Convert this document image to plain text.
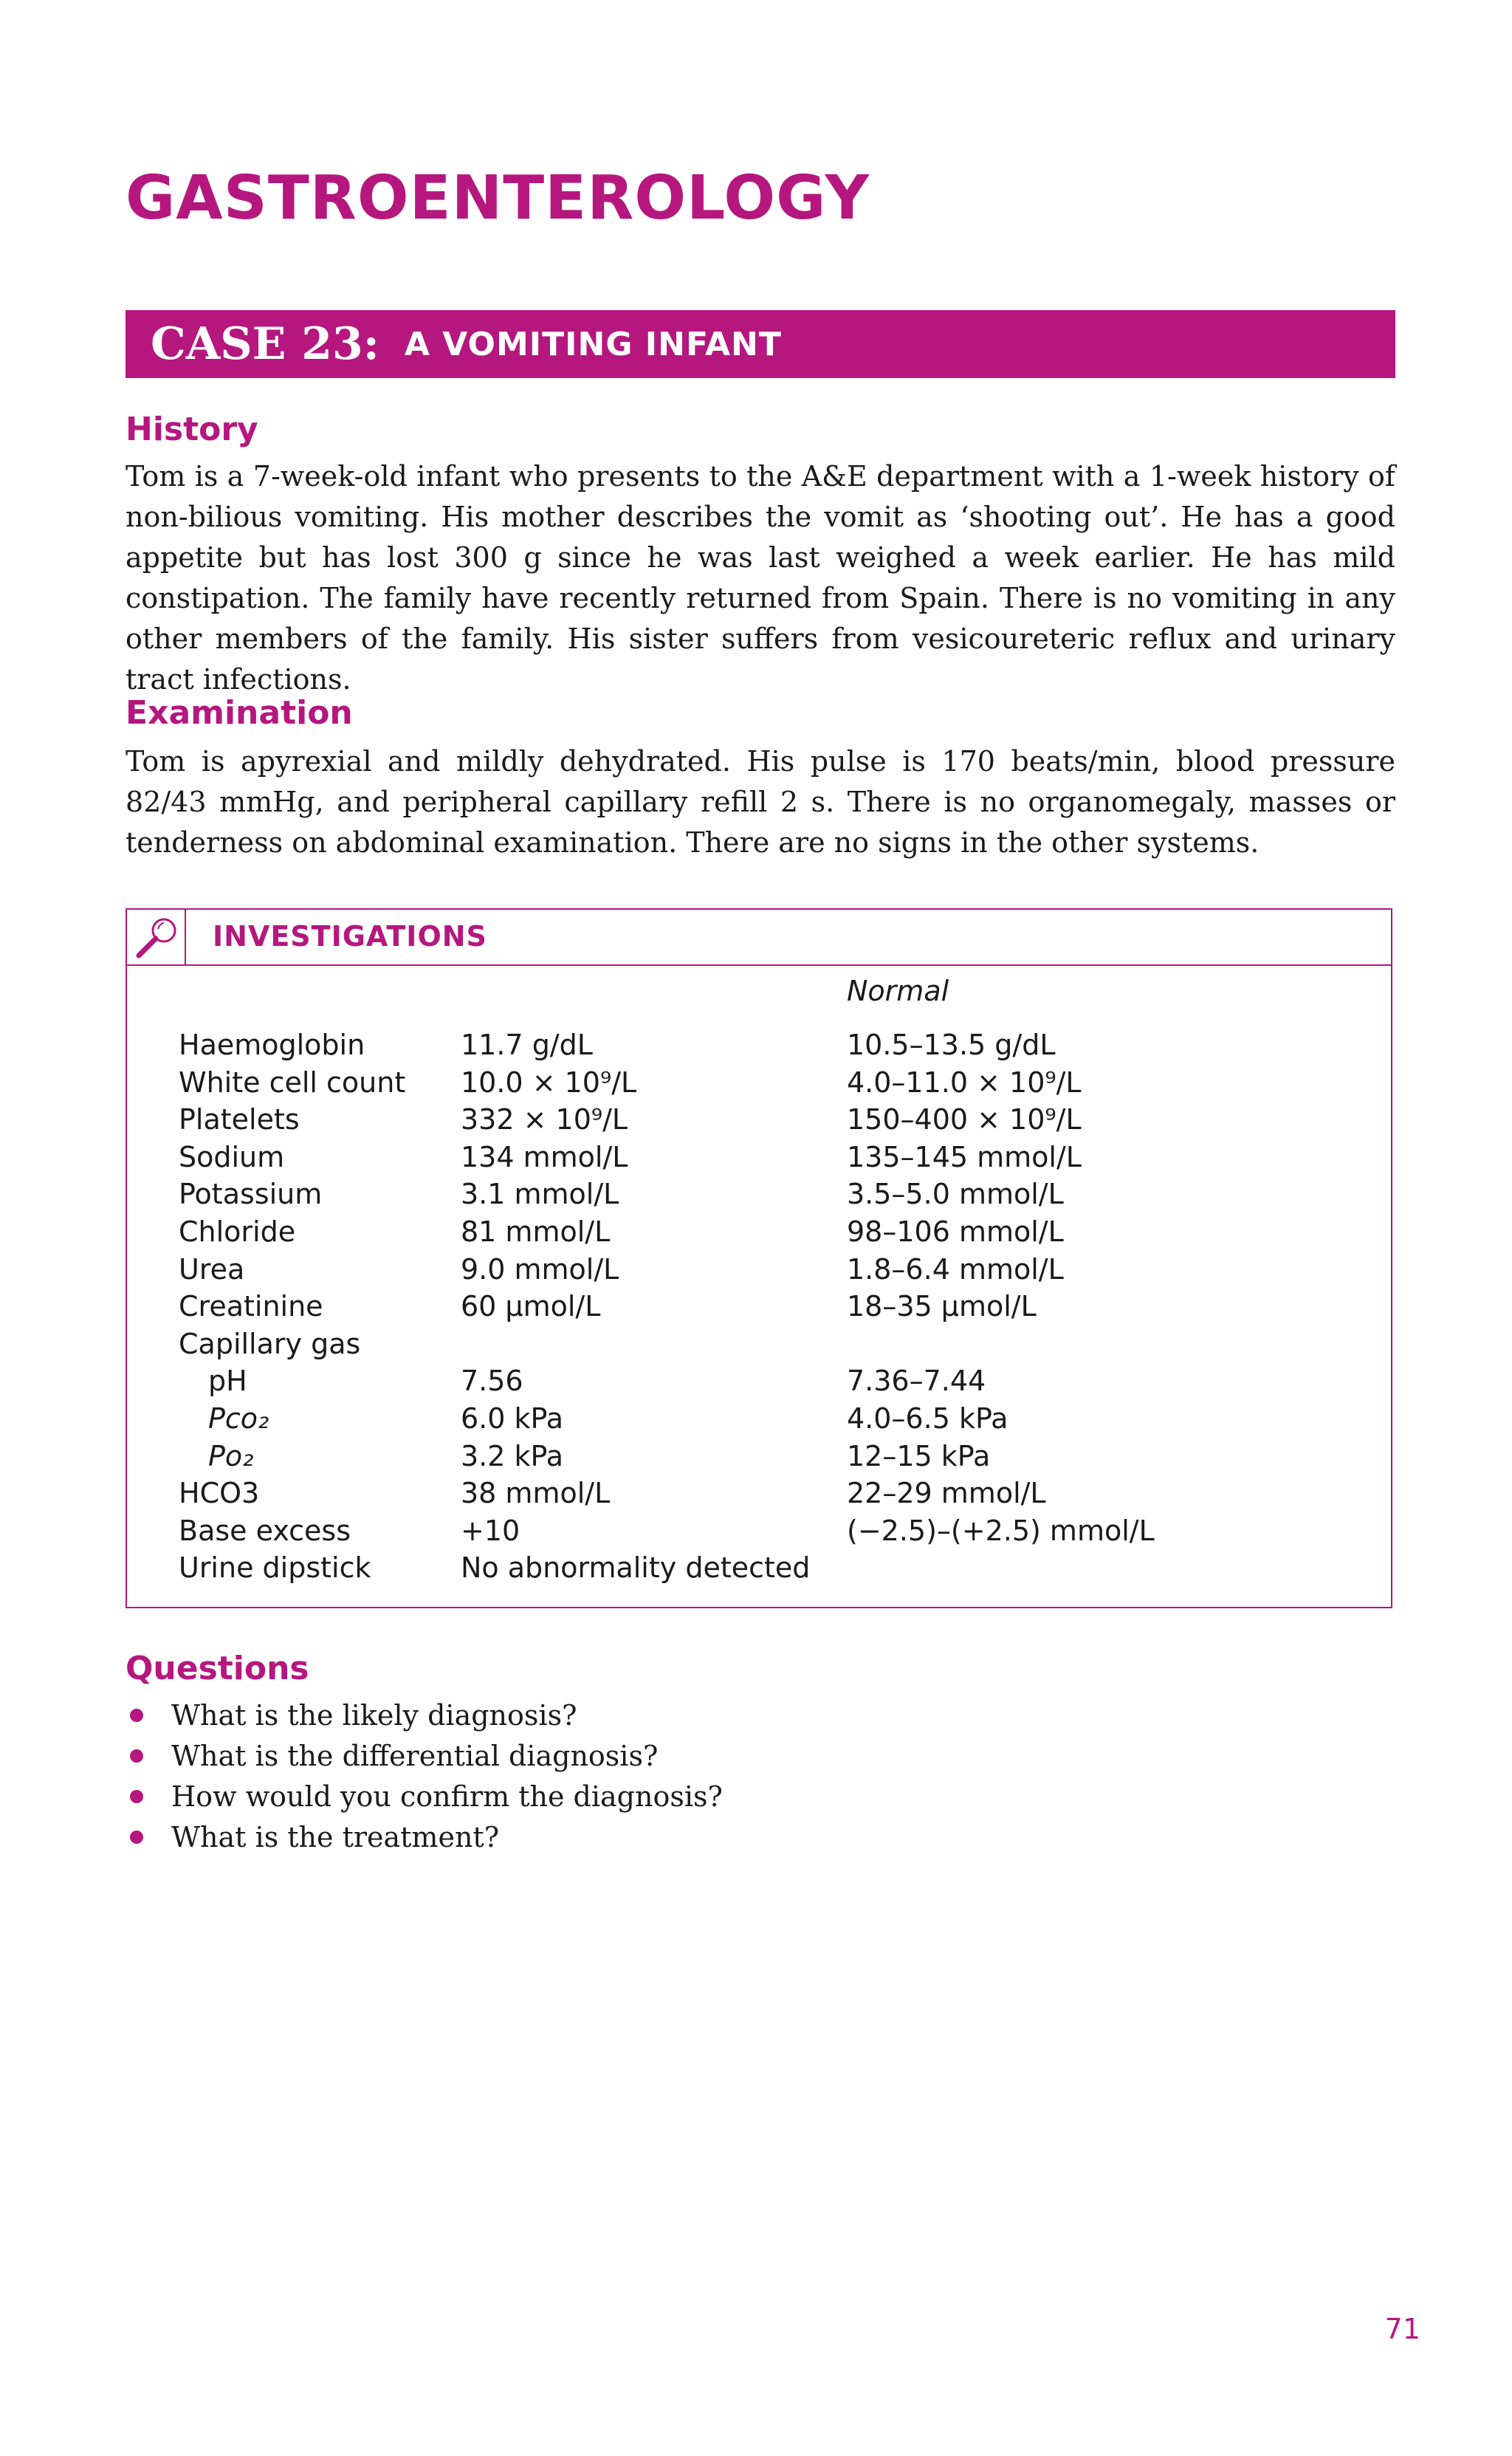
GASTROENTEROLOGY
CASE 23: A VOMITING INFANT
History

Tom is a 7-week-old infant who presents to the A&E department with a 1-week history of non-bilious vomiting. His mother describes the vomit as ‘shooting out’. He has a good appetite but has lost 300 g since he was last weighed a week earlier. He has mild constipation. The family have recently returned from Spain. There is no vomiting in any other members of the family. His sister suffers from vesicoureteric reflux and urinary tract infections.

Examination

Tom is apyrexial and mildly dehydrated. His pulse is 170 beats/min, blood pressure 82/43 mmHg, and peripheral capillary refill 2 s. There is no organomegaly, masses or tenderness on abdominal examination. There are no signs in the other systems.

INVESTIGATIONS
Normal
Haemoglobin	11.7 g/dL	10.5–13.5 g/dL
White cell count 10.0 × 10⁹/L	4.0–11.0 × 10⁹/L
Platelets	332 × 10⁹/L	150–400 × 10⁹/L
Sodium	134 mmol/L	135–145 mmol/L
Potassium	3.1 mmol/L	3.5–5.0 mmol/L
Chloride	81 mmol/L	98–106 mmol/L
Urea	9.0 mmol/L	1.8–6.4 mmol/L
Creatinine	60 μmol/L	18–35 μmol/L
Capillary gas
pH	7.56	7.36–7.44
Pco₂	6.0 kPa	4.0–6.5 kPa
Po₂	3.2 kPa	12–15 kPa
HCO3	38 mmol/L	22–29 mmol/L
Base excess	+10	(−2.5)–(+2.5) mmol/L
Urine dipstick	No abnormality detected
Questions
What is the likely diagnosis?
What is the differential diagnosis?
How would you confirm the diagnosis?
What is the treatment?
71
